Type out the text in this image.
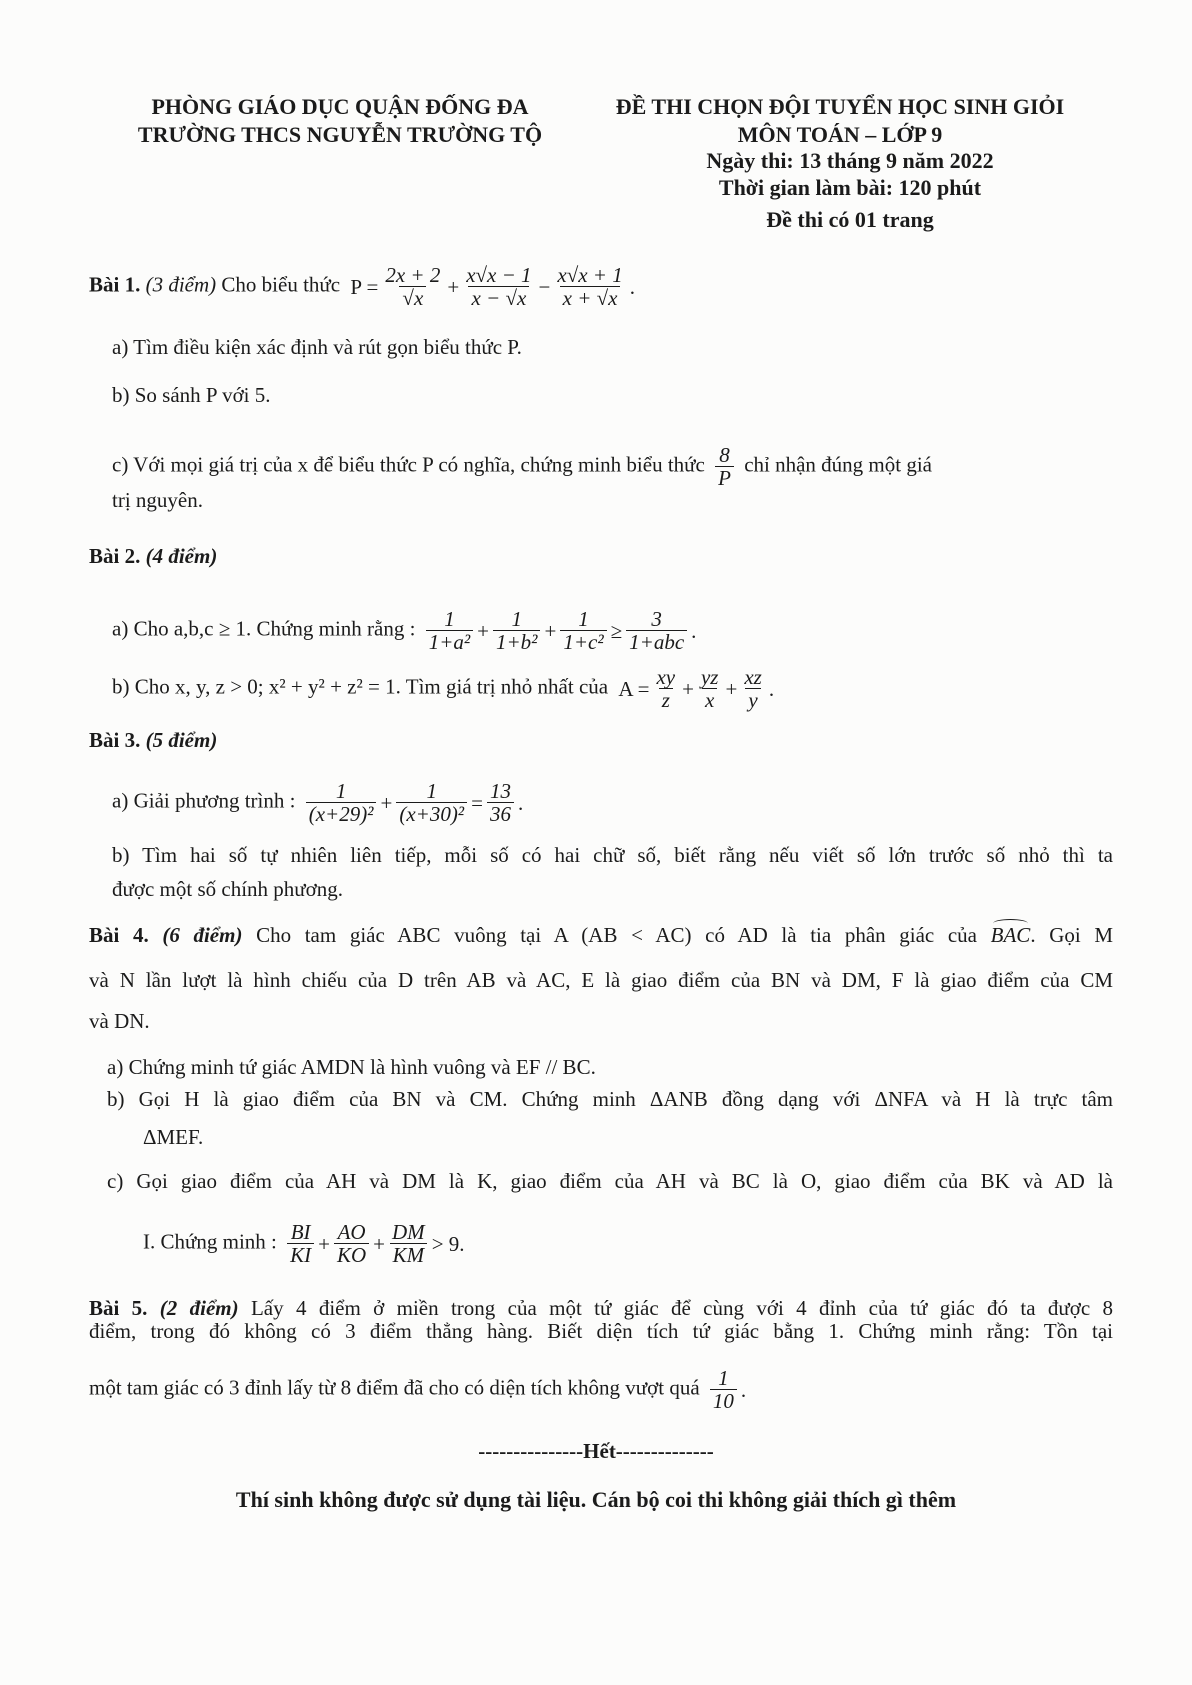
PHÒNG GIÁO DỤC QUẬN ĐỐNG ĐA
TRƯỜNG THCS NGUYỄN TRƯỜNG TỘ
ĐỀ THI CHỌN ĐỘI TUYỂN HỌC SINH GIỎI
MÔN TOÁN – LỚP 9
Ngày thi: 13 tháng 9 năm 2022
Thời gian làm bài: 120 phút
Đề thi có 01 trang
Bài 1. (3 điểm) Cho biểu thức $P = \frac{2x + 2}{√x} + \frac{x√x - 1}{x - √x} - \frac{x√x + 1}{x + √x}$ .
a) Tìm điều kiện xác định và rút gọn biểu thức P.
b) So sánh P với 5.
c) Với mọi giá trị của x để biểu thức P có nghĩa, chứng minh biểu thức $\frac{8}{P}$ chỉ nhận đúng một giá
trị nguyên.
Bài 2. (4 điểm)
a) Cho a,b,c ≥ 1. Chứng minh rằng : $\frac{1}{\text{1+a²}} + \frac{1}{\text{1+b²}} + \frac{1}{\text{1+c²}} \ge 3$
1+abc .
b) Cho x, y, z > 0; x² + y² + z² = 1. Tìm giá trị nhỏ nhất của $A = \frac{xy}{z} + \frac{yz}{x} + \frac{xz}{y}$ .
Bài 3. (5 điểm)
a) Giải phương trình : $\frac{1}{\text{(x+29)²}} + \frac{1}{\text{(x+30)²}} = \frac{13}{36}$ .
b) Tìm hai số tự nhiên liên tiếp, mỗi số có hai chữ số, biết rằng nếu viết số lớn trước số nhỏ thì ta
được một số chính phương.
Bài 4. (6 điểm) Cho tam giác ABC vuông tại A (AB < AC) có AD là tia phân giác của BAC. Gọi M
và N lần lượt là hình chiếu của D trên AB và AC, E là giao điểm của BN và DM, F là giao điểm của CM
và DN.
a) Chứng minh tứ giác AMDN là hình vuông và EF // BC.
b) Gọi H là giao điểm của BN và CM. Chứng minh ΔANB đồng dạng với ΔNFA và H là trực tâm
ΔMEF.
c) Gọi giao điểm của AH và DM là K, giao điểm của AH và BC là O, giao điểm của BK và AD là
I. Chứng minh : $\frac{BI}{KI} + \frac{AO}{KO} + \frac{DM}{KM} > 9$.
Bài 5. (2 điểm) Lấy 4 điểm ở miền trong của một tứ giác để cùng với 4 đỉnh của tứ giác đó ta được 8
điểm, trong đó không có 3 điểm thẳng hàng. Biết diện tích tứ giác bằng 1. Chứng minh rằng: Tồn tại
một tam giác có 3 đỉnh lấy từ 8 điểm đã cho có diện tích không vượt quá $\frac{1}{10}$ .
---------------Hết--------------
Thí sinh không được sử dụng tài liệu. Cán bộ coi thi không giải thích gì thêm
